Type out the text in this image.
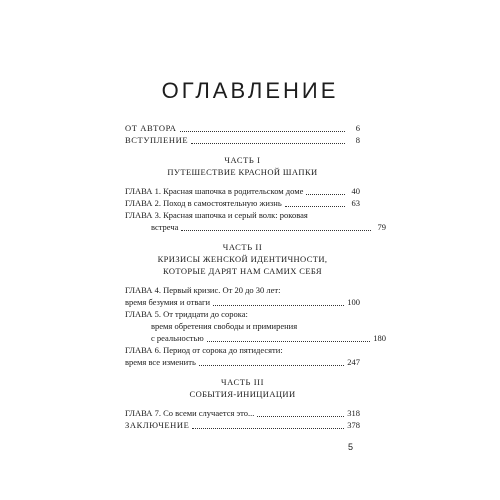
ОГЛАВЛЕНИЕ
ОТ АВТОРА	6
ВСТУПЛЕНИЕ	8
ЧАСТЬ I
ПУТЕШЕСТВИЕ КРАСНОЙ ШАПКИ
ГЛАВА 1. Красная шапочка в родительском доме	40
ГЛАВА 2. Поход в самостоятельную жизнь	63
ГЛАВА 3. Красная шапочка и серый волк: роковая
встреча	79
ЧАСТЬ II
КРИЗИСЫ ЖЕНСКОЙ ИДЕНТИЧНОСТИ,
КОТОРЫЕ ДАРЯТ НАМ САМИХ СЕБЯ
ГЛАВА 4. Первый кризис. От 20 до 30 лет:
время безумия и отваги	100
ГЛАВА 5. От тридцати до сорока:
время обретения свободы и примирения
с реальностью	180
ГЛАВА 6. Период от сорока до пятидесяти:
время все изменить	247
ЧАСТЬ III
СОБЫТИЯ-ИНИЦИАЦИИ
ГЛАВА 7. Со всеми случается это...	318
ЗАКЛЮЧЕНИЕ	378
5
